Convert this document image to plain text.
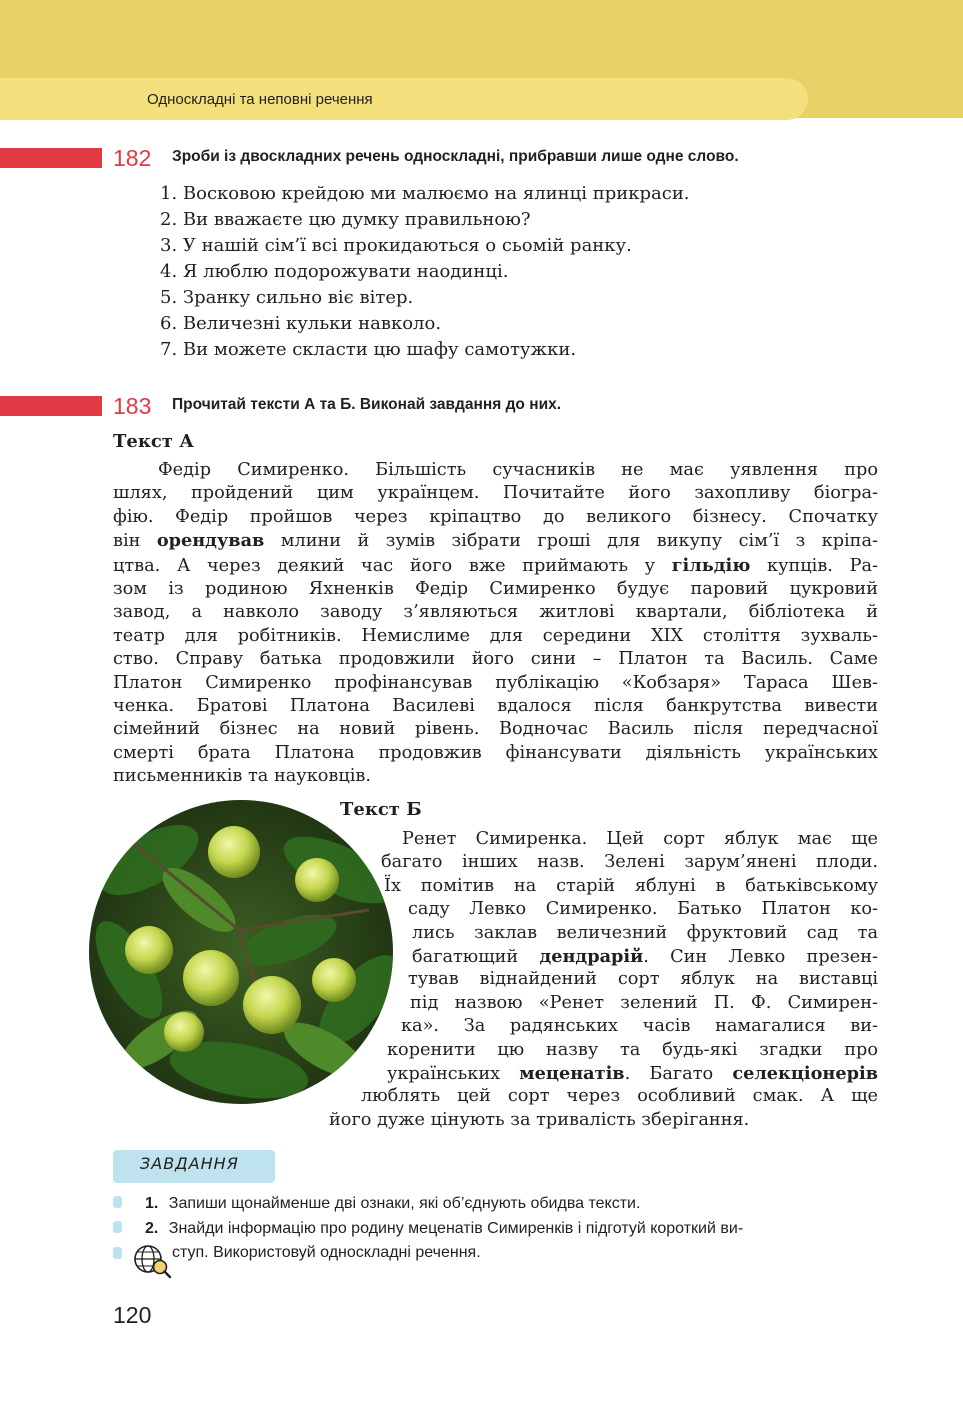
Односкладні та неповні речення
182 Зроби із двоскладних речень односкладні, прибравши лише одне слово.
1. Восковою крейдою ми малюємо на ялинці прикраси.
2. Ви вважаєте цю думку правильною?
3. У нашій сім’ї всі прокидаються о сьомій ранку.
4. Я люблю подорожувати наодинці.
5. Зранку сильно віє вітер.
6. Величезні кульки навколо.
7. Ви можете скласти цю шафу самотужки.
183 Прочитай тексти А та Б. Виконай завдання до них.
Текст А
Федір Симиренко. Більшість сучасників не має уявлення про
шлях, пройдений цим українцем. Почитайте його захопливу біогра-
фію. Федір пройшов через кріпацтво до великого бізнесу. Спочатку
він орендував млини й зумів зібрати гроші для викупу сім’ї з кріпа-
цтва. А через деякий час його вже приймають у гільдію купців. Ра-
зом із родиною Яхненків Федір Симиренко будує паровий цукровий
завод, а навколо заводу з’являються житлові квартали, бібліотека й
театр для робітників. Немислиме для середини XIX століття зухваль-
ство. Справу батька продовжили його сини – Платон та Василь. Саме
Платон Симиренко профінансував публікацію «Кобзаря» Тараса Шев-
ченка. Братові Платона Василеві вдалося після банкрутства вивести
сімейний бізнес на новий рівень. Водночас Василь після передчасної
смерті брата Платона продовжив фінансувати діяльність українських
письменників та науковців.
Текст Б
Ренет Симиренка. Цей сорт яблук має ще
багато інших назв. Зелені зарум’янені плоди.
Їх помітив на старій яблуні в батьківському
саду Левко Симиренко. Батько Платон ко-
лись заклав величезний фруктовий сад та
багатющий дендрарій. Син Левко презен-
тував віднайдений сорт яблук на виставці
під назвою «Ренет зелений П. Ф. Симирен-
ка». За радянських часів намагалися ви-
коренити цю назву та будь-які згадки про
українських меценатів. Багато селекціонерів
люблять цей сорт через особливий смак. А ще
його дуже цінують за тривалість зберігання.
ЗАВДАННЯ
1. Запиши щонайменше дві ознаки, які об’єднують обидва тексти.
2. Знайди інформацію про родину меценатів Симиренків і підготуй короткий ви-
ступ. Використовуй односкладні речення.
120
